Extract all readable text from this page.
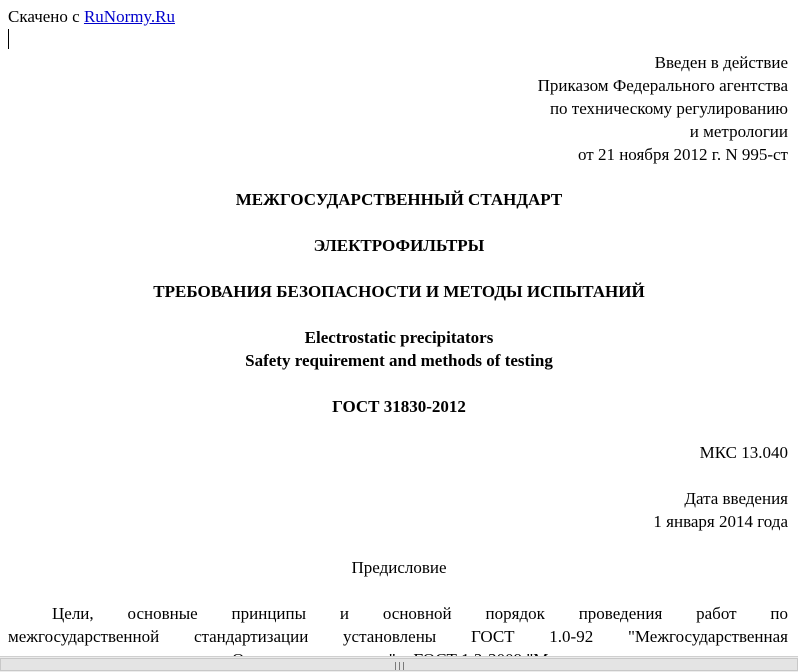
Скачено с RuNormy.Ru
Введен в действие
Приказом Федерального агентства
по техническому регулированию
и метрологии
от 21 ноября 2012 г. N 995-ст
МЕЖГОСУДАРСТВЕННЫЙ СТАНДАРТ
ЭЛЕКТРОФИЛЬТРЫ
ТРЕБОВАНИЯ БЕЗОПАСНОСТИ И МЕТОДЫ ИСПЫТАНИЙ
Electrostatic precipitators
Safety requirement and methods of testing
ГОСТ 31830-2012
МКС 13.040
Дата введения
1 января 2014 года
Предисловие
Цели, основные принципы и основной порядок проведения работ по
межгосударственной стандартизации установлены ГОСТ 1.0-92 "Межгосударственная
